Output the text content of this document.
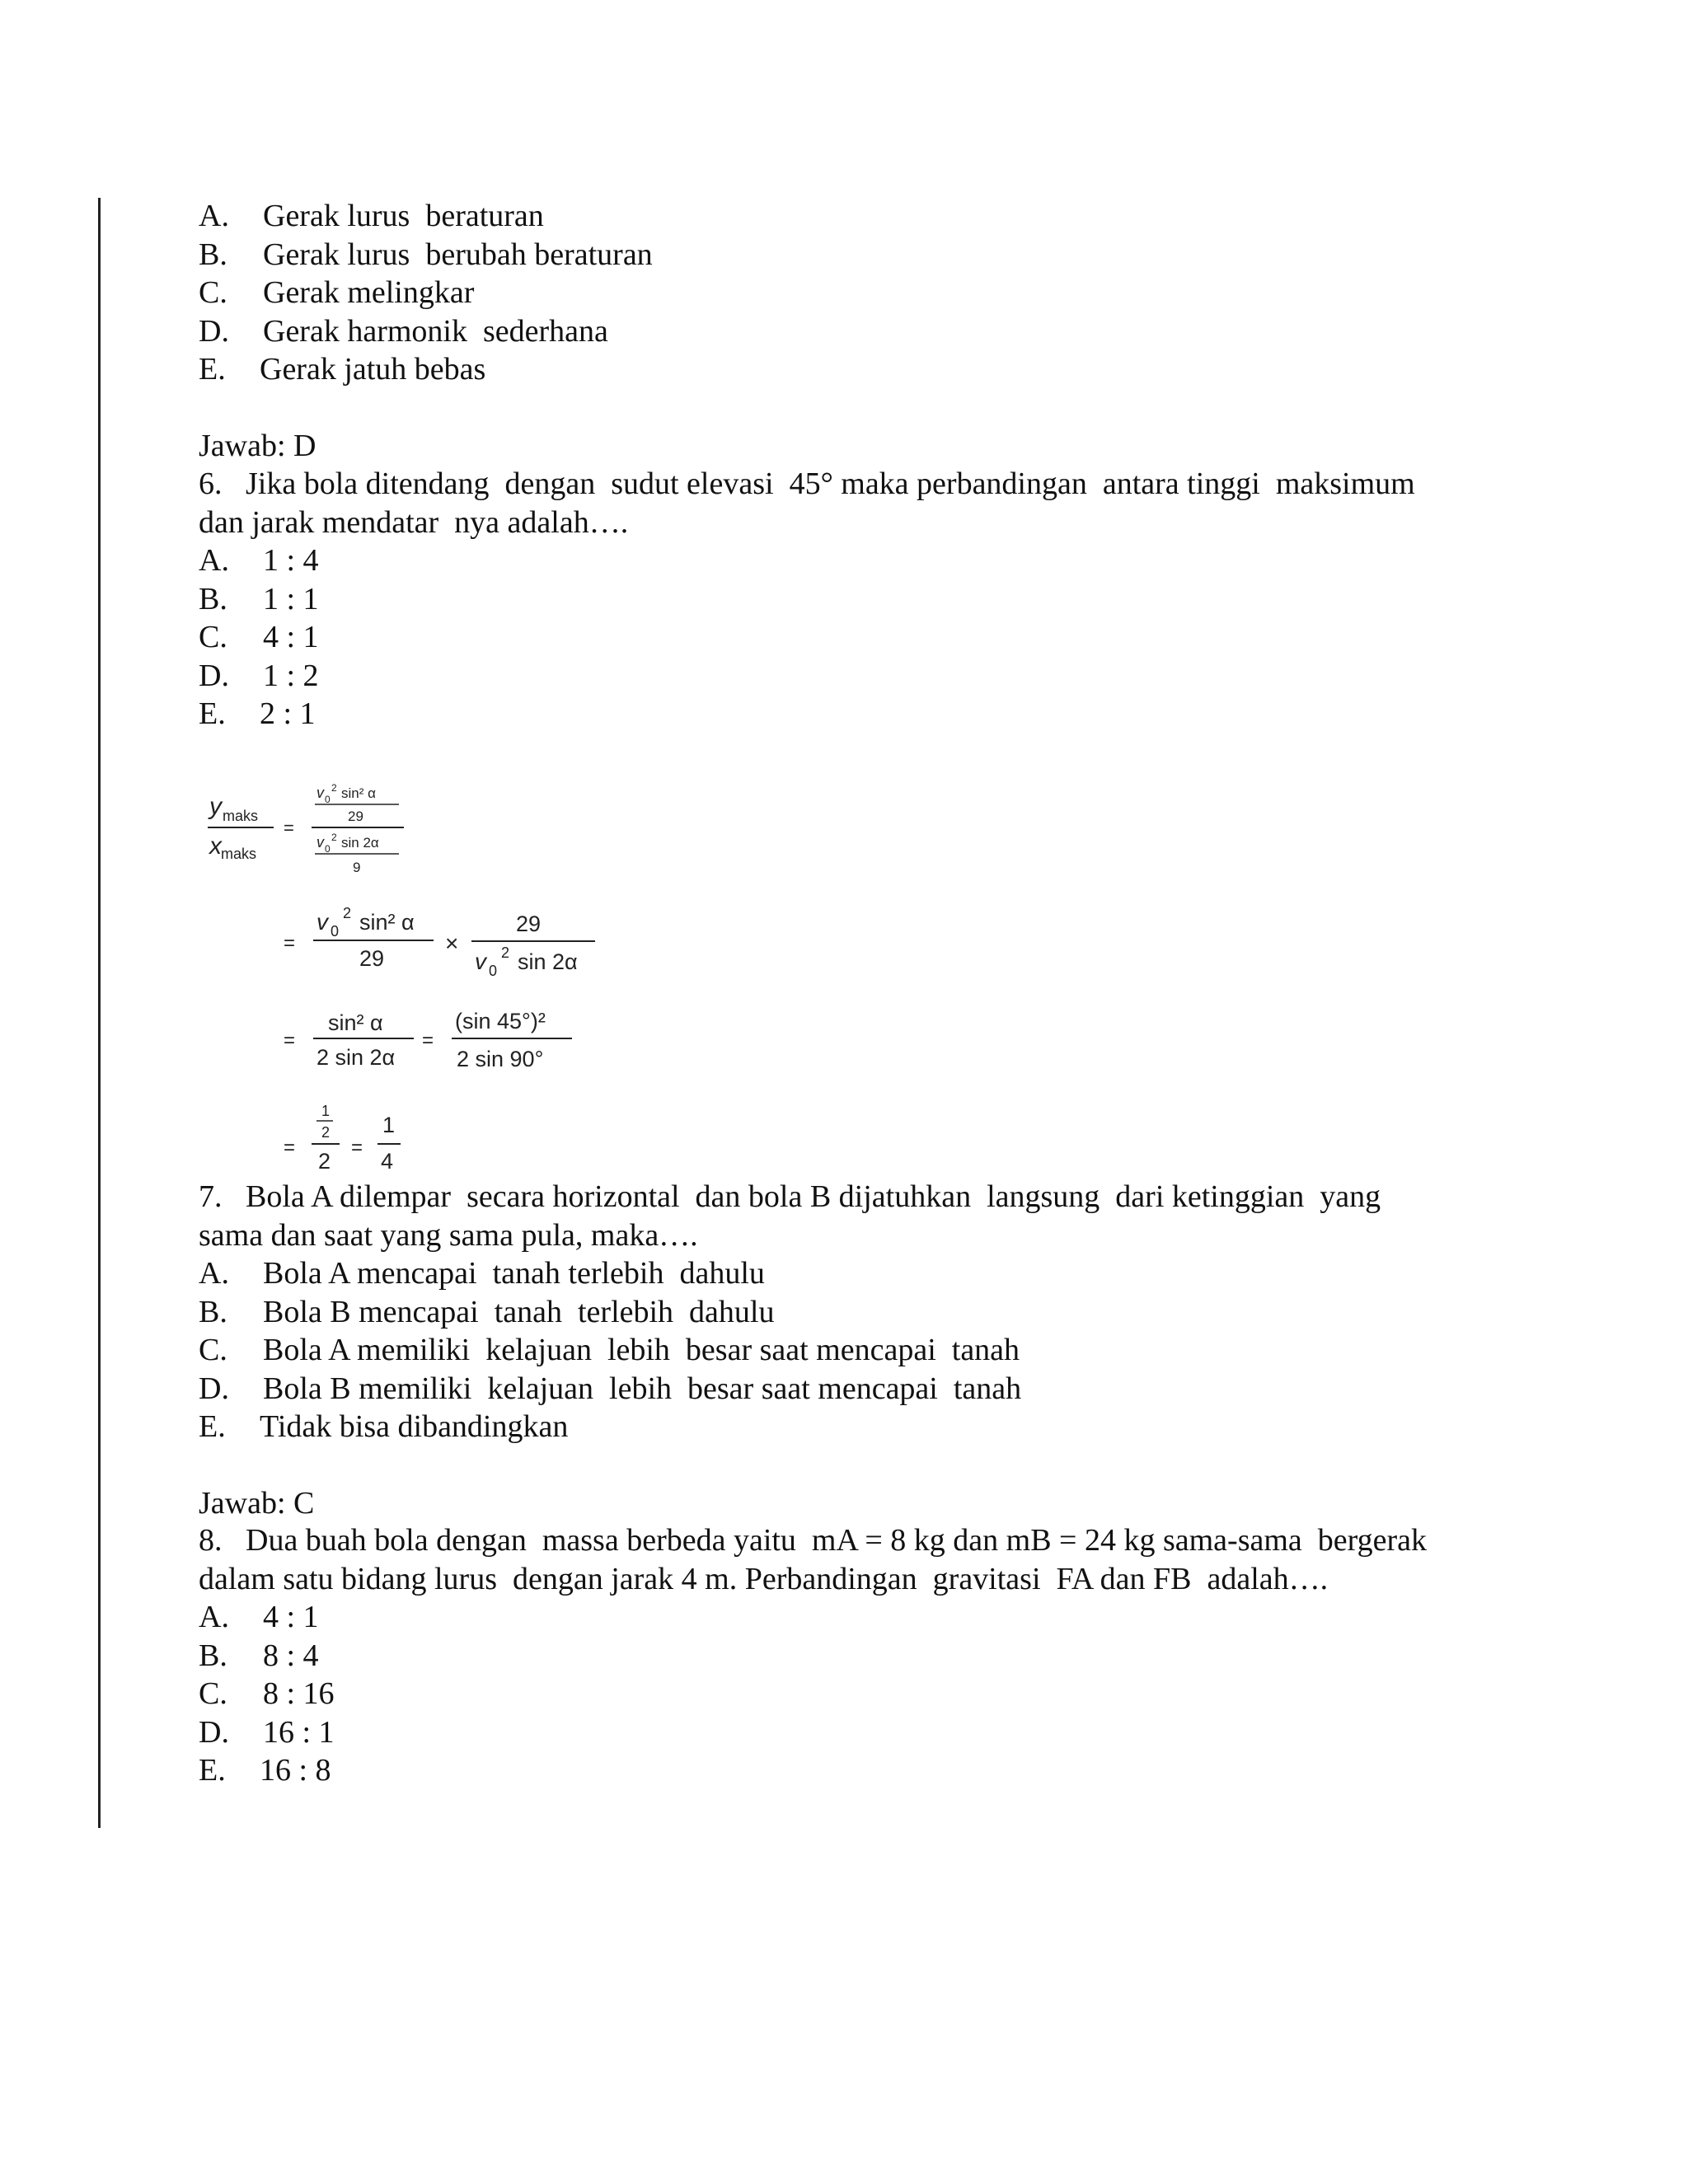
A. Gerak lurus  beraturan
B. Gerak lurus  berubah beraturan
C. Gerak melingkar
D. Gerak harmonik  sederhana
E. Gerak jatuh bebas
Jawab: D
6.   Jika bola ditendang  dengan  sudut elevasi  45° maka perbandingan  antara tinggi  maksimum
dan jarak mendatar  nya adalah….
A. 1 : 4
B. 1 : 1
C. 4 : 1
D. 1 : 2
E. 2 : 1
y maks
x maks
=
v 0
2 sin² α
29
v 0
2 sin 2α
9
=
v 0
2 sin² α
29
×
29
v 0
2 sin 2α
=
sin² α
2 sin 2α
=
(sin 45°)²
2 sin 90°
=
1
2
2
=
1
4
7.   Bola A dilempar  secara horizontal  dan bola B dijatuhkan  langsung  dari ketinggian  yang
sama dan saat yang sama pula, maka….
A. Bola A mencapai  tanah terlebih  dahulu
B. Bola B mencapai  tanah  terlebih  dahulu
C. Bola A memiliki  kelajuan  lebih  besar saat mencapai  tanah
D. Bola B memiliki  kelajuan  lebih  besar saat mencapai  tanah
E. Tidak bisa dibandingkan
Jawab: C
8.   Dua buah bola dengan  massa berbeda yaitu  mA = 8 kg dan mB = 24 kg sama-sama  bergerak
dalam satu bidang lurus  dengan jarak 4 m. Perbandingan  gravitasi  FA dan FB  adalah….
A. 4 : 1
B. 8 : 4
C. 8 : 16
D. 16 : 1
E. 16 : 8
